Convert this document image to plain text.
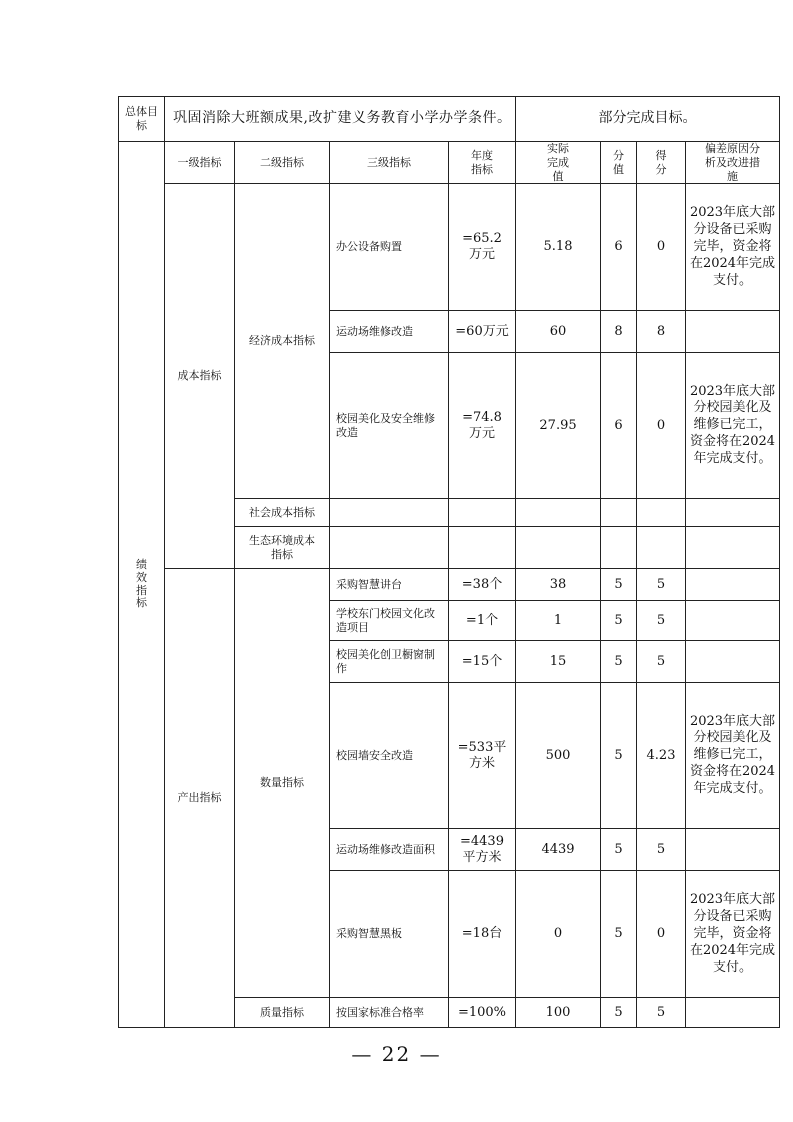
总体目标	巩固消除大班额成果,改扩建义务教育小学办学条件。				部分完成目标。			

绩效指标	一级指标	二级指标	三级指标	年度指标	实际完成值	分值	得分	偏差原因分析及改进措施

	成本指标	经济成本指标	办公设备购置	=65.2万元	5.18	6	0	2023年底大部分设备已采购完毕，资金将在2024年完成支付。
			运动场维修改造	=60万元	60	8	8	

			校园美化及安全维修改造	=74.8万元	27.95	6	0	2023年底大部分校园美化及维修已完工，资金将在2024年完成支付。
		社会成本指标						

		生态环境成本指标						

	产出指标	数量指标	采购智慧讲台	=38个	38	5	5	

			学校东门校园文化改造项目	=1个	1	5	5	

			校园美化创卫橱窗制作	=15个	15	5	5	
			校园墙安全改造	=533平方米	500	5	4.23	2023年底大部分校园美化及维修已完工，资金将在2024年完成支付。

			运动场维修改造面积	=4439平方米	4439	5	5	
			采购智慧黑板	=18台	0	5	0	2023年底大部分设备已采购完毕，资金将在2024年完成支付。
		质量指标	按国家标准合格率	=100%	100	5	5	
— 22 —
